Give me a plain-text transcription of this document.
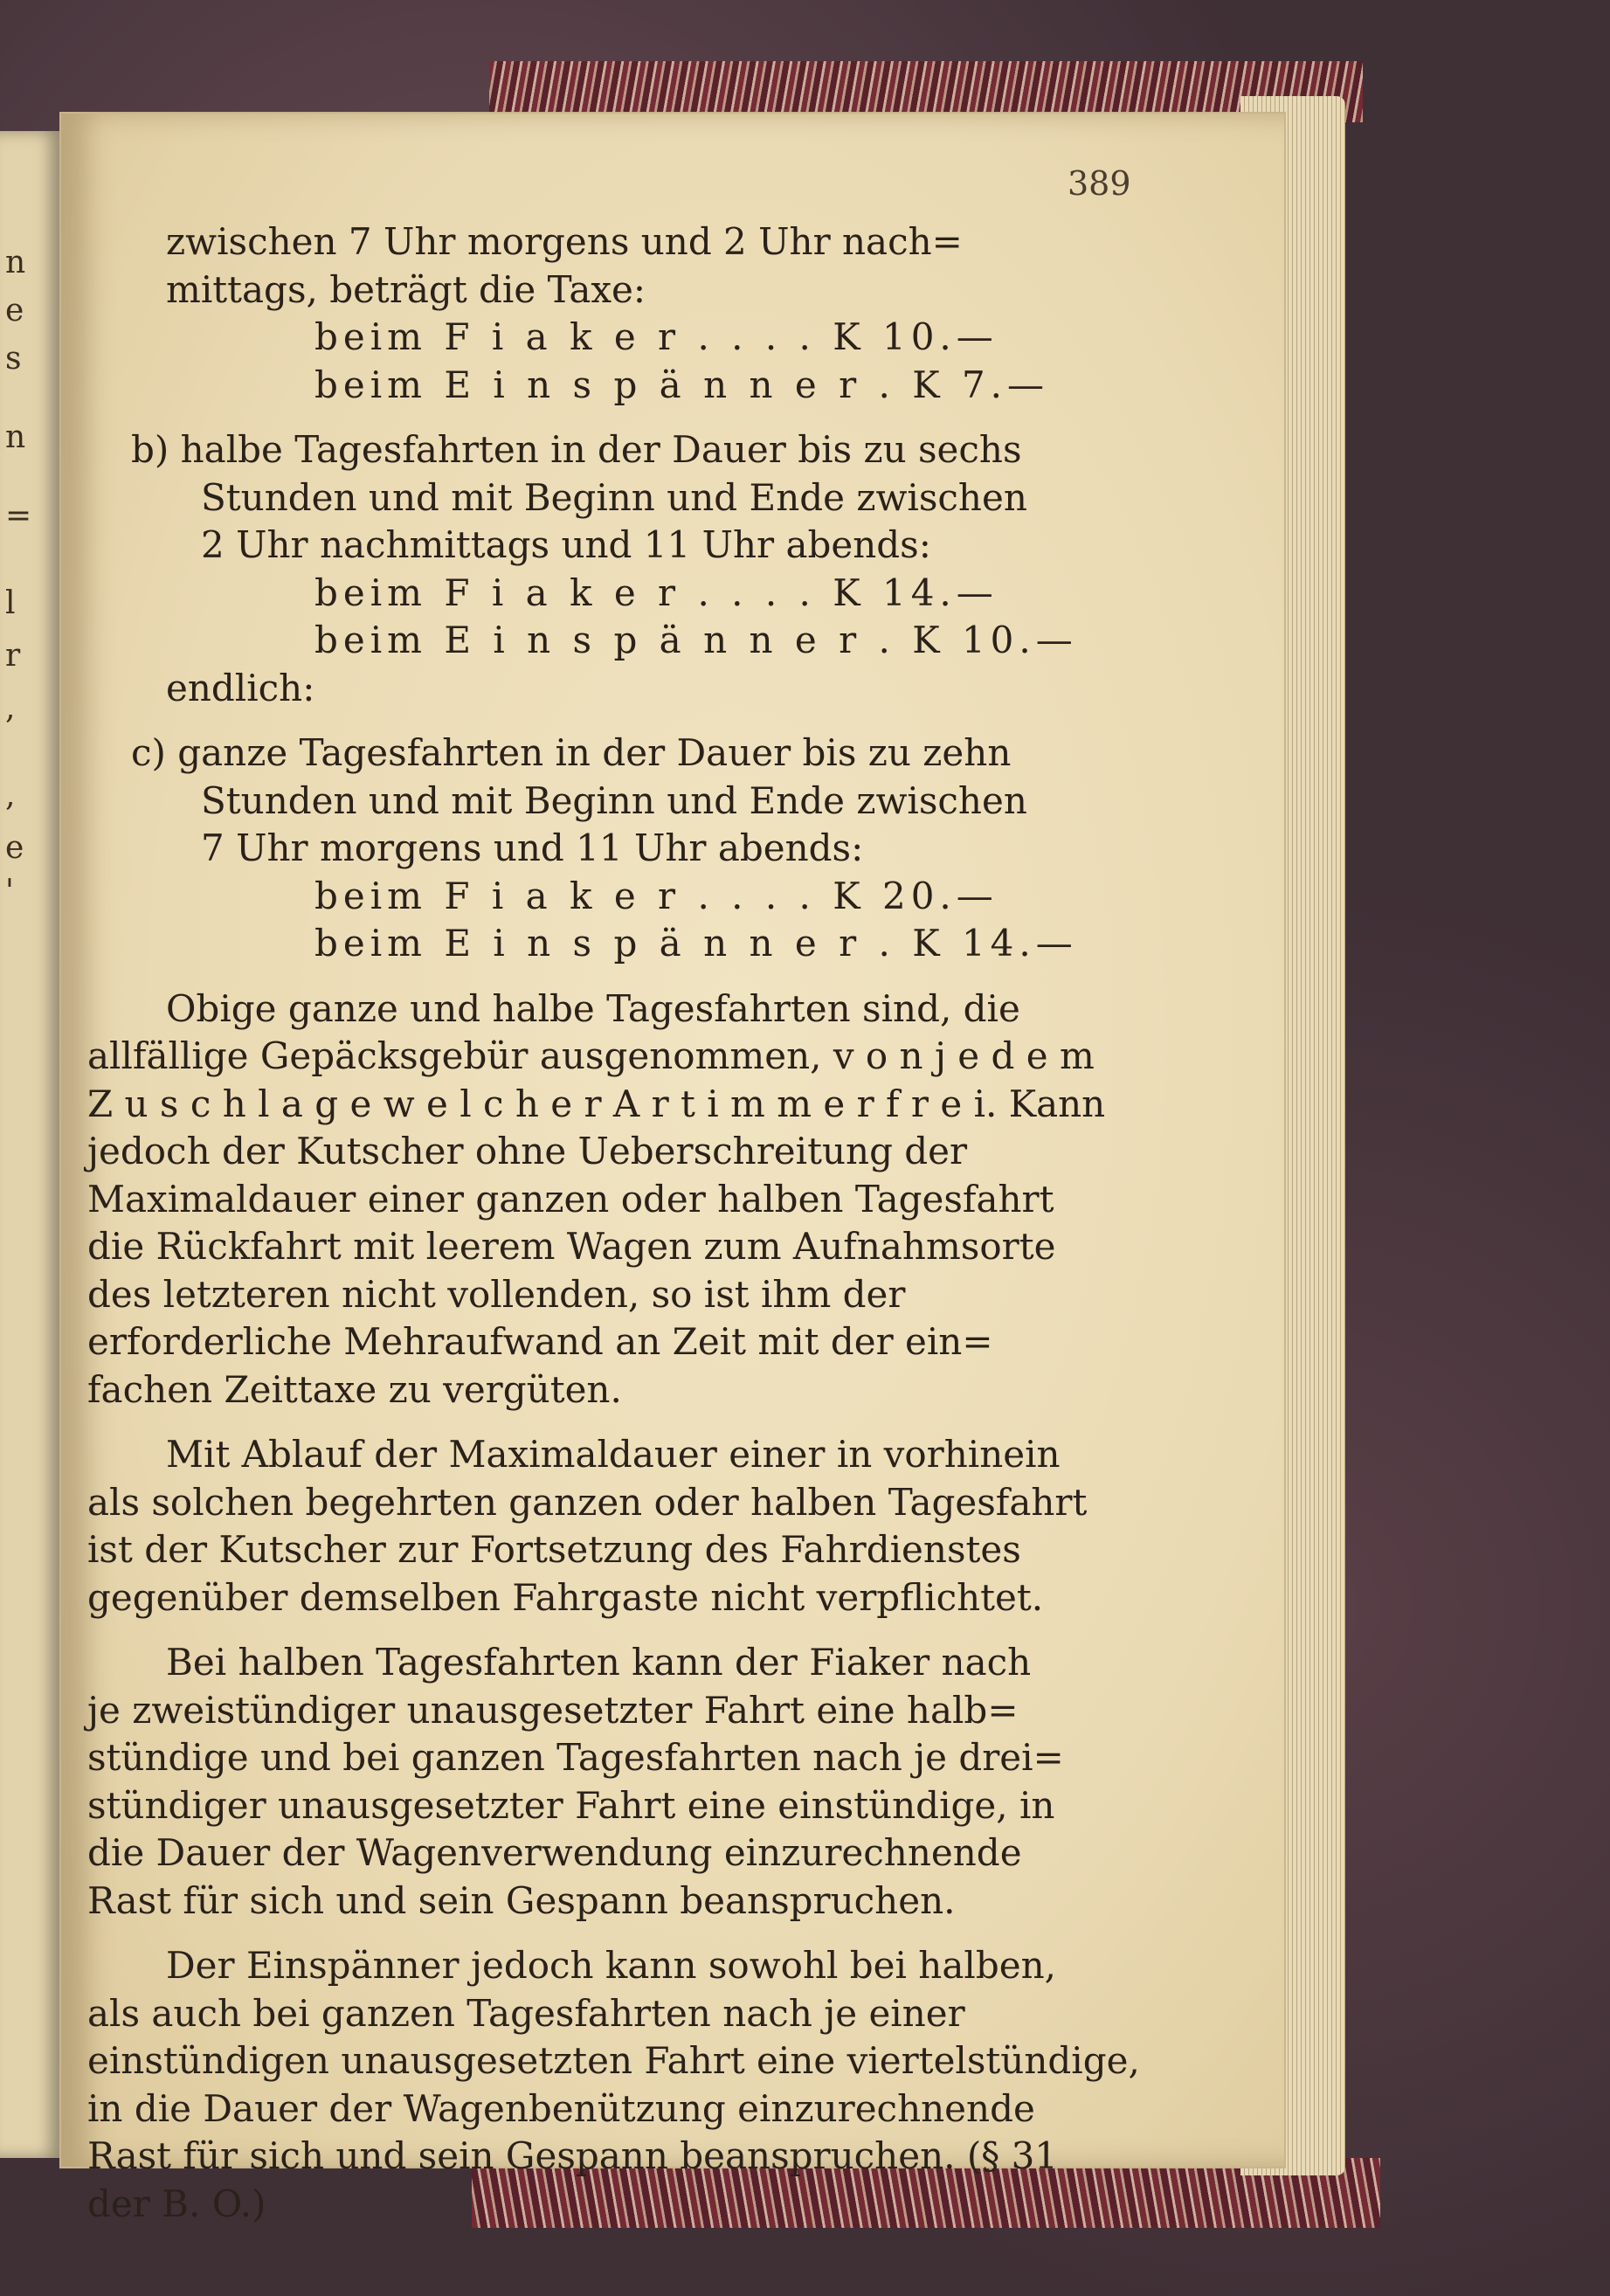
n
e
s
n
=
l
r
,
,
e
'
389
zwischen 7 Uhr morgens und 2 Uhr nach=
mittags, beträgt die Taxe:
beim F i a k e r . . . . K 10.—
beim E i n s p ä n n e r . K 7.—
b) halbe Tagesfahrten in der Dauer bis zu sechs
Stunden und mit Beginn und Ende zwischen
2 Uhr nachmittags und 11 Uhr abends:
beim F i a k e r . . . . K 14.—
beim E i n s p ä n n e r . K 10.—
endlich:
c) ganze Tagesfahrten in der Dauer bis zu zehn
Stunden und mit Beginn und Ende zwischen
7 Uhr morgens und 11 Uhr abends:
beim F i a k e r . . . . K 20.—
beim E i n s p ä n n e r . K 14.—
Obige ganze und halbe Tagesfahrten sind, die
allfällige Gepäcksgebür ausgenommen, v o n j e d e m
Z u s c h l a g e w e l c h e r A r t i m m e r f r e i. Kann
jedoch der Kutscher ohne Ueberschreitung der
Maximaldauer einer ganzen oder halben Tagesfahrt
die Rückfahrt mit leerem Wagen zum Aufnahmsorte
des letzteren nicht vollenden, so ist ihm der
erforderliche Mehraufwand an Zeit mit der ein=
fachen Zeittaxe zu vergüten.
Mit Ablauf der Maximaldauer einer in vorhinein
als solchen begehrten ganzen oder halben Tagesfahrt
ist der Kutscher zur Fortsetzung des Fahrdienstes
gegenüber demselben Fahrgaste nicht verpflichtet.
Bei halben Tagesfahrten kann der Fiaker nach
je zweistündiger unausgesetzter Fahrt eine halb=
stündige und bei ganzen Tagesfahrten nach je drei=
stündiger unausgesetzter Fahrt eine einstündige, in
die Dauer der Wagenverwendung einzurechnende
Rast für sich und sein Gespann beanspruchen.
Der Einspänner jedoch kann sowohl bei halben,
als auch bei ganzen Tagesfahrten nach je einer
einstündigen unausgesetzten Fahrt eine viertelstündige,
in die Dauer der Wagenbenützung einzurechnende
Rast für sich und sein Gespann beanspruchen. (§ 31
der B. O.)
